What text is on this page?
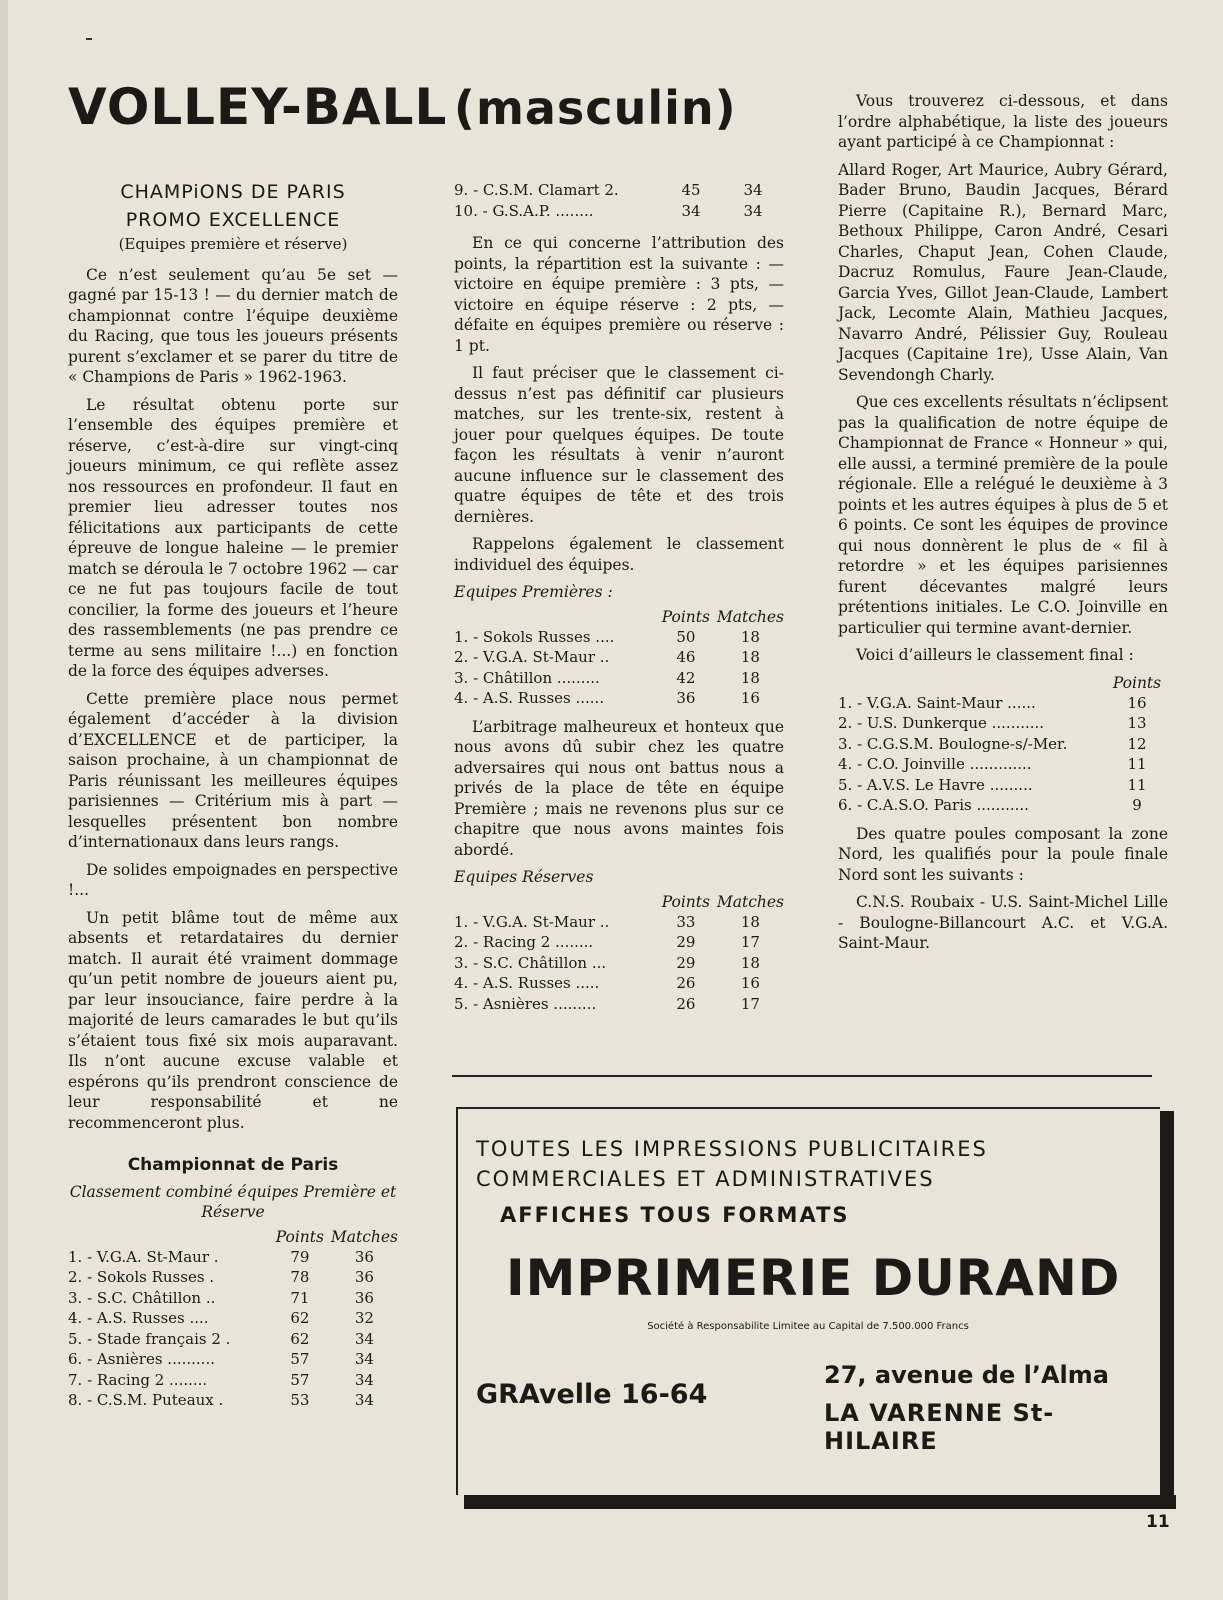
VOLLEY-BALL (masculin)
CHAMPiONS DE PARIS
PROMO EXCELLENCE
(Equipes première et réserve)

Ce n’est seulement qu’au 5e set — gagné par 15-13 ! — du dernier match de championnat contre l’équipe deuxième du Racing, que tous les joueurs présents purent s’exclamer et se parer du titre de « Champions de Paris » 1962-1963.

Le résultat obtenu porte sur l’ensemble des équipes première et réserve, c’est-à-dire sur vingt-cinq joueurs minimum, ce qui reflète assez nos ressources en profondeur. Il faut en premier lieu adresser toutes nos félicitations aux participants de cette épreuve de longue haleine — le premier match se déroula le 7 octobre 1962 — car ce ne fut pas toujours facile de tout concilier, la forme des joueurs et l’heure des rassemblements (ne pas prendre ce terme au sens militaire !...) en fonction de la force des équipes adverses.

Cette première place nous permet également d’accéder à la division d’EXCELLENCE et de participer, la saison prochaine, à un championnat de Paris réunissant les meilleures équipes parisiennes — Critérium mis à part — lesquelles présentent bon nombre d’internationaux dans leurs rangs.

De solides empoignades en perspective !...

Un petit blâme tout de même aux absents et retardataires du dernier match. Il aurait été vraiment dommage qu’un petit nombre de joueurs aient pu, par leur insouciance, faire perdre à la majorité de leurs camarades le but qu’ils s’étaient tous fixé six mois auparavant. Ils n’ont aucune excuse valable et espérons qu’ils prendront conscience de leur responsabilité et ne recommenceront plus.

Championnat de Paris
Classement combiné équipes Première et Réserve
	Points	Matches
1. - V.G.A. St-Maur .	79	36
2. - Sokols Russes .	78	36
3. - S.C. Châtillon ..	71	36
4. - A.S. Russes ....	62	32
5. - Stade français 2 .	62	34
6. - Asnières ..........	57	34
7. - Racing 2 ........	57	34
8. - C.S.M. Puteaux .	53	34
9. - C.S.M. Clamart 2.	45	34
10. - G.S.A.P. ........	34	34

En ce qui concerne l’attribution des points, la répartition est la suivante : — victoire en équipe première : 3 pts, — victoire en équipe réserve : 2 pts, — défaite en équipes première ou réserve : 1 pt.

Il faut préciser que le classement ci-dessus n’est pas définitif car plusieurs matches, sur les trente-six, restent à jouer pour quelques équipes. De toute façon les résultats à venir n’auront aucune influence sur le classement des quatre équipes de tête et des trois dernières.

Rappelons également le classement individuel des équipes.

Equipes Premières :
	Points	Matches
1. - Sokols Russes ....	50	18
2. - V.G.A. St-Maur ..	46	18
3. - Châtillon .........	42	18
4. - A.S. Russes ......	36	16

L’arbitrage malheureux et honteux que nous avons dû subir chez les quatre adversaires qui nous ont battus nous a privés de la place de tête en équipe Première ; mais ne revenons plus sur ce chapitre que nous avons maintes fois abordé.

Equipes Réserves
	Points	Matches
1. - V.G.A. St-Maur ..	33	18
2. - Racing 2 ........	29	17
3. - S.C. Châtillon ...	29	18
4. - A.S. Russes .....	26	16
5. - Asnières .........	26	17

Vous trouverez ci-dessous, et dans l’ordre alphabétique, la liste des joueurs ayant participé à ce Championnat :

Allard Roger, Art Maurice, Aubry Gérard, Bader Bruno, Baudin Jacques, Bérard Pierre (Capitaine R.), Bernard Marc, Bethoux Philippe, Caron André, Cesari Charles, Chaput Jean, Cohen Claude, Dacruz Romulus, Faure Jean-Claude, Garcia Yves, Gillot Jean-Claude, Lambert Jack, Lecomte Alain, Mathieu Jacques, Navarro André, Pélissier Guy, Rouleau Jacques (Capitaine 1re), Usse Alain, Van Sevendongh Charly.

Que ces excellents résultats n’éclipsent pas la qualification de notre équipe de Championnat de France « Honneur » qui, elle aussi, a terminé première de la poule régionale. Elle a relégué le deuxième à 3 points et les autres équipes à plus de 5 et 6 points. Ce sont les équipes de province qui nous donnèrent le plus de « fil à retordre » et les équipes parisiennes furent décevantes malgré leurs prétentions initiales. Le C.O. Joinville en particulier qui termine avant-dernier.

Voici d’ailleurs le classement final :

	Points
1. - V.G.A. Saint-Maur ......	16
2. - U.S. Dunkerque ...........	13
3. - C.G.S.M. Boulogne-s/-Mer.	12
4. - C.O. Joinville .............	11
5. - A.V.S. Le Havre .........	11
6. - C.A.S.O. Paris ...........	9

Des quatre poules composant la zone Nord, les qualifiés pour la poule finale Nord sont les suivants :

C.N.S. Roubaix - U.S. Saint-Michel Lille - Boulogne-Billancourt A.C. et V.G.A. Saint-Maur.

TOUTES LES IMPRESSIONS PUBLICITAIRES
COMMERCIALES ET ADMINISTRATIVES
AFFICHES TOUS FORMATS
IMPRIMERIE DURAND
Société à Responsabilite Limitee au Capital de 7.500.000 Francs
GRAvelle 16-64
27, avenue de l’Alma
LA VARENNE St-HILAIRE
11
